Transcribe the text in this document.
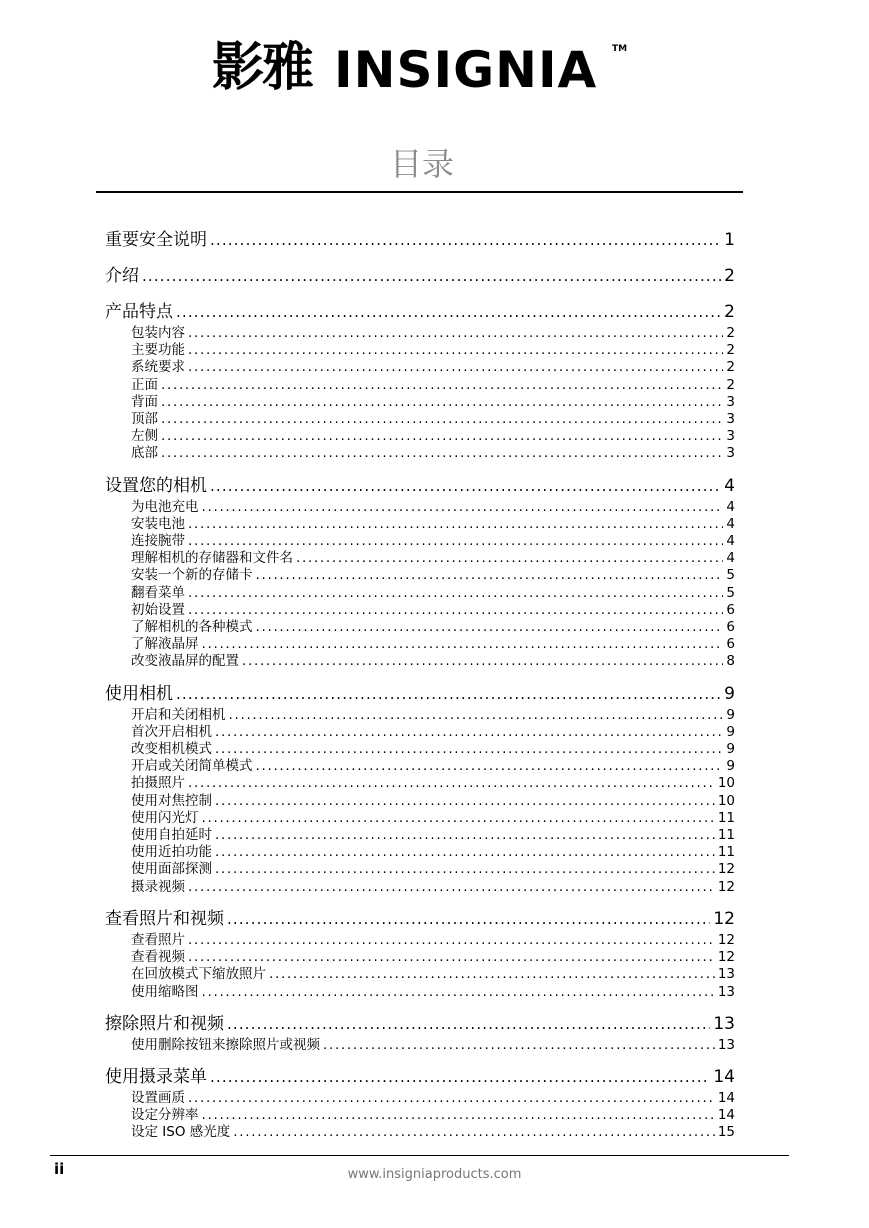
影雅 INSIGNIA TM
目录
重要安全说明 . . .	1
介绍 . . .	2
产品特点 . . .	2
包装内容 . . .	2
主要功能 . . .	2
系统要求 . . .	2
正面 . . .	2
背面 . . .	3
顶部 . . .	3
左侧 . . .	3
底部 . . .	3
设置您的相机 . . .	4
为电池充电 . . .	4
安装电池 . . .	4
连接腕带 . . .	4
理解相机的存储器和文件名 . . .	4
安装一个新的存储卡 . . .	5
翻看菜单 . . .	5
初始设置 . . .	6
了解相机的各种模式 . . .	6
了解液晶屏 . . .	6
改变液晶屏的配置 . . .	8
使用相机 . . .	9
开启和关闭相机 . . .	9
首次开启相机 . . .	9
改变相机模式 . . .	9
开启或关闭简单模式 . . .	9
拍摄照片 . . .	10
使用对焦控制 . . .	10
使用闪光灯 . . .	11
使用自拍延时 . . .	11
使用近拍功能 . . .	11
使用面部探测 . . .	12
摄录视频 . . .	12
查看照片和视频 . . .	12
查看照片 . . .	12
查看视频 . . .	12
在回放模式下缩放照片 . . .	13
使用缩略图 . . .	13
擦除照片和视频 . . .	13
使用删除按钮来擦除照片或视频 . . .	13
使用摄录菜单 . . .	14
设置画质 . . .	14
设定分辨率 . . .	14
设定 ISO 感光度 . . .	15
ii	www.insigniaproducts.com
